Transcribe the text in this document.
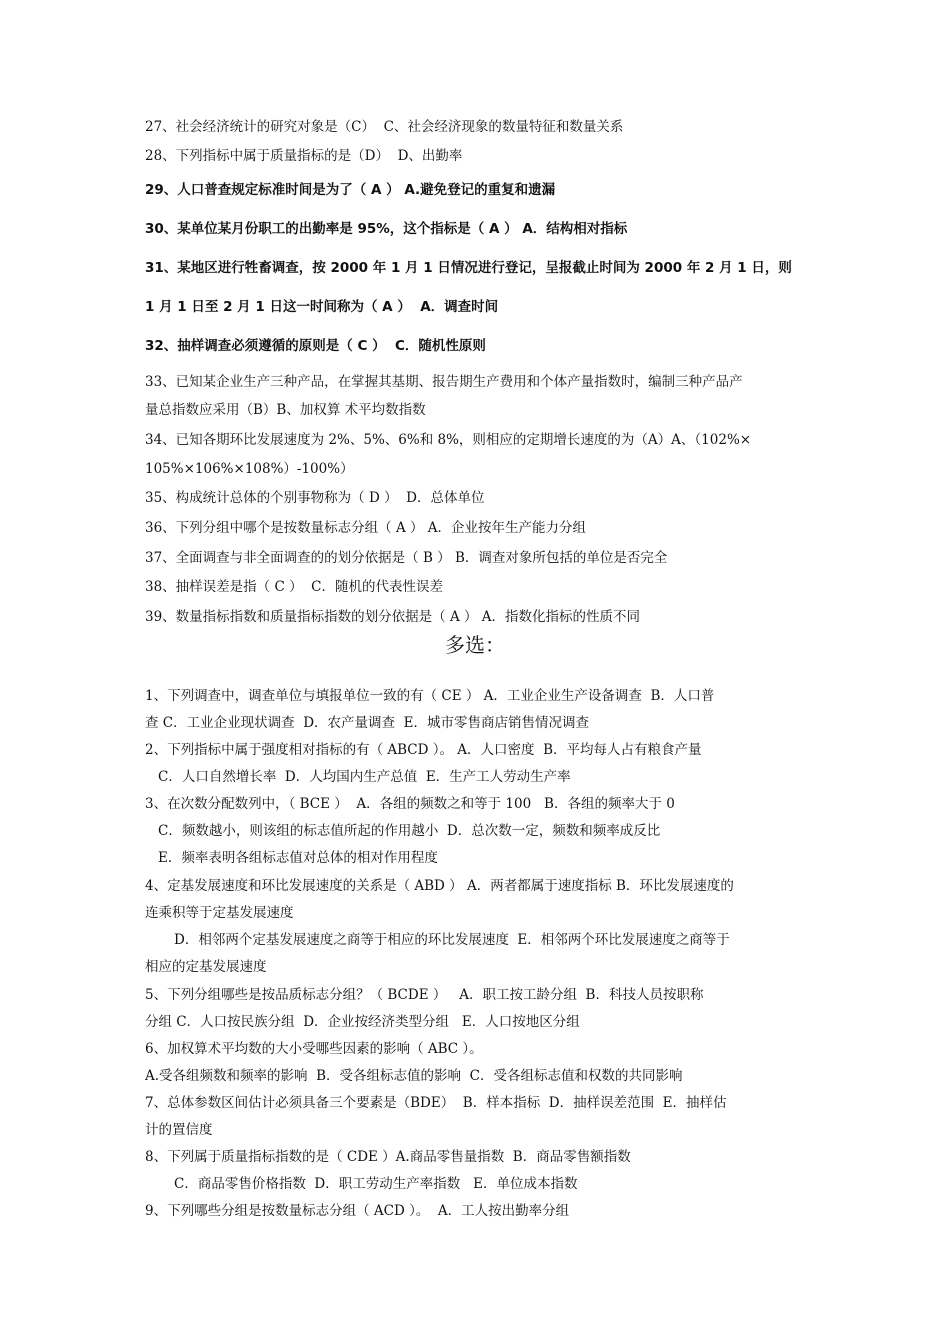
27、社会经济统计的研究对象是（C）  C、社会经济现象的数量特征和数量关系
28、下列指标中属于质量指标的是（D）  D、出勤率
29、人口普查规定标准时间是为了（ A ） A.避免登记的重复和遗漏
30、某单位某月份职工的出勤率是 95%，这个指标是（ A ） A．结构相对指标
31、某地区进行牲畜调查，按 2000 年 1 月 1 日情况进行登记，呈报截止时间为 2000 年 2 月 1 日，则
1 月 1 日至 2 月 1 日这一时间称为（ A ）  A．调查时间
32、抽样调查必须遵循的原则是（ C ）  C．随机性原则
33、已知某企业生产三种产品，在掌握其基期、报告期生产费用和个体产量指数时，编制三种产品产
量总指数应采用（B）B、加权算 术平均数指数
34、已知各期环比发展速度为 2%、5%、6%和 8%，则相应的定期增长速度的为（A）A、（102%×
105%×106%×108%）-100%）
35、构成统计总体的个别事物称为（ D ）  D．总体单位
36、下列分组中哪个是按数量标志分组（ A ） A．企业按年生产能力分组
37、全面调查与非全面调查的的划分依据是（ B ） B．调查对象所包括的单位是否完全
38、抽样误差是指（ C ）  C．随机的代表性误差
39、数量指标指数和质量指标指数的划分依据是（ A ） A．指数化指标的性质不同
多选：
1、下列调查中，调查单位与填报单位一致的有（ CE ） A．工业企业生产设备调查  B．人口普
查 C．工业企业现状调查  D．农产量调查  E．城市零售商店销售情况调查
2、下列指标中属于强度相对指标的有（ ABCD ）。 A．人口密度  B．平均每人占有粮食产量
C．人口自然增长率  D．人均国内生产总值  E．生产工人劳动生产率
3、在次数分配数列中，（ BCE ）  A．各组的频数之和等于 100   B．各组的频率大于 0
C．频数越小，则该组的标志值所起的作用越小  D．总次数一定，频数和频率成反比
E．频率表明各组标志值对总体的相对作用程度
4、定基发展速度和环比发展速度的关系是（ ABD ） A．两者都属于速度指标 B．环比发展速度的
连乘积等于定基发展速度
D．相邻两个定基发展速度之商等于相应的环比发展速度  E．相邻两个环比发展速度之商等于
相应的定基发展速度
5、下列分组哪些是按品质标志分组？（ BCDE ）   A．职工按工龄分组  B．科技人员按职称
分组 C．人口按民族分组  D．企业按经济类型分组   E．人口按地区分组
6、加权算术平均数的大小受哪些因素的影响（ ABC ）。
A.受各组频数和频率的影响  B．受各组标志值的影响  C．受各组标志值和权数的共同影响
7、总体参数区间估计必须具备三个要素是（BDE）  B．样本指标  D．抽样误差范围  E．抽样估
计的置信度
8、下列属于质量指标指数的是（ CDE ）A.商品零售量指数  B．商品零售额指数
C．商品零售价格指数  D．职工劳动生产率指数   E．单位成本指数
9、下列哪些分组是按数量标志分组（ ACD ）。  A．工人按出勤率分组
